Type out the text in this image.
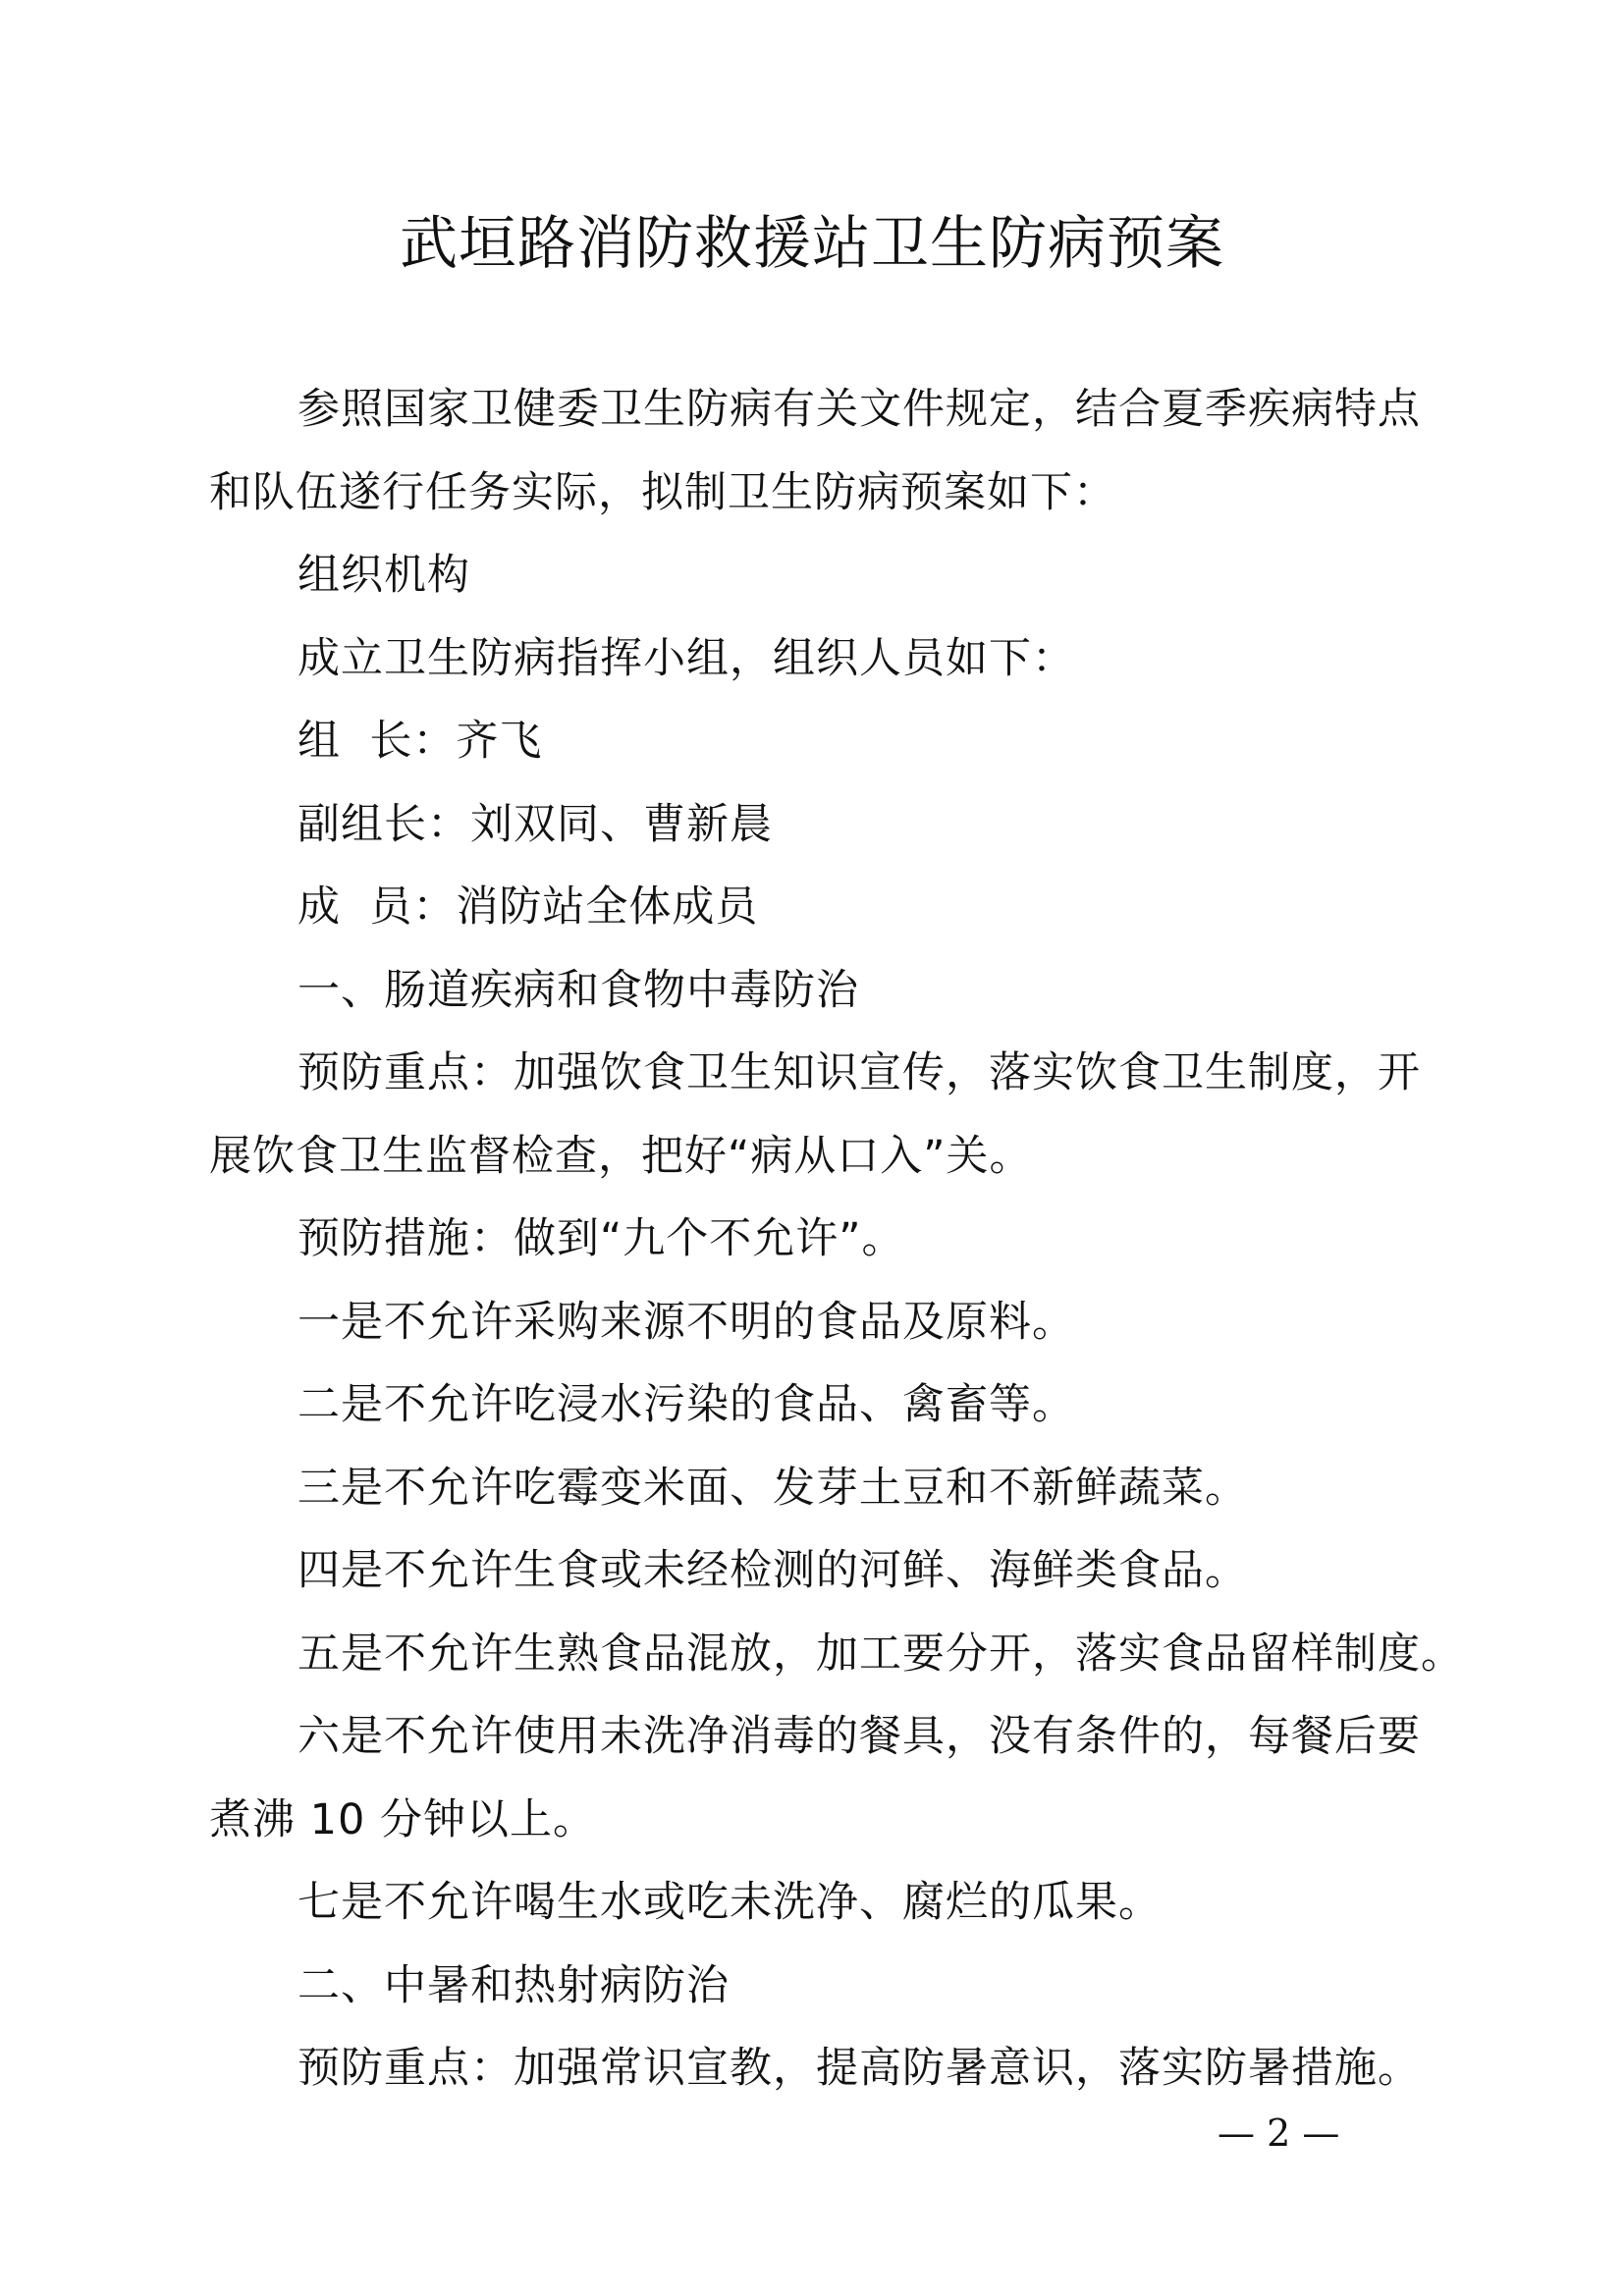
武垣路消防救援站卫生防病预案

参照国家卫健委卫生防病有关文件规定，结合夏季疾病特点和队伍遂行任务实际，拟制卫生防病预案如下：

组织机构

成立卫生防病指挥小组，组织人员如下：

组  长：齐飞

副组长：刘双同、曹新晨

成  员：消防站全体成员

一、肠道疾病和食物中毒防治

预防重点：加强饮食卫生知识宣传，落实饮食卫生制度，开展饮食卫生监督检查，把好“病从口入”关。

预防措施：做到“九个不允许”。

一是不允许采购来源不明的食品及原料。

二是不允许吃浸水污染的食品、禽畜等。

三是不允许吃霉变米面、发芽土豆和不新鲜蔬菜。

四是不允许生食或未经检测的河鲜、海鲜类食品。

五是不允许生熟食品混放，加工要分开，落实食品留样制度。

六是不允许使用未洗净消毒的餐具，没有条件的，每餐后要煮沸 10 分钟以上。

七是不允许喝生水或吃未洗净、腐烂的瓜果。

二、中暑和热射病防治

预防重点：加强常识宣教，提高防暑意识，落实防暑措施。

— 2 —
